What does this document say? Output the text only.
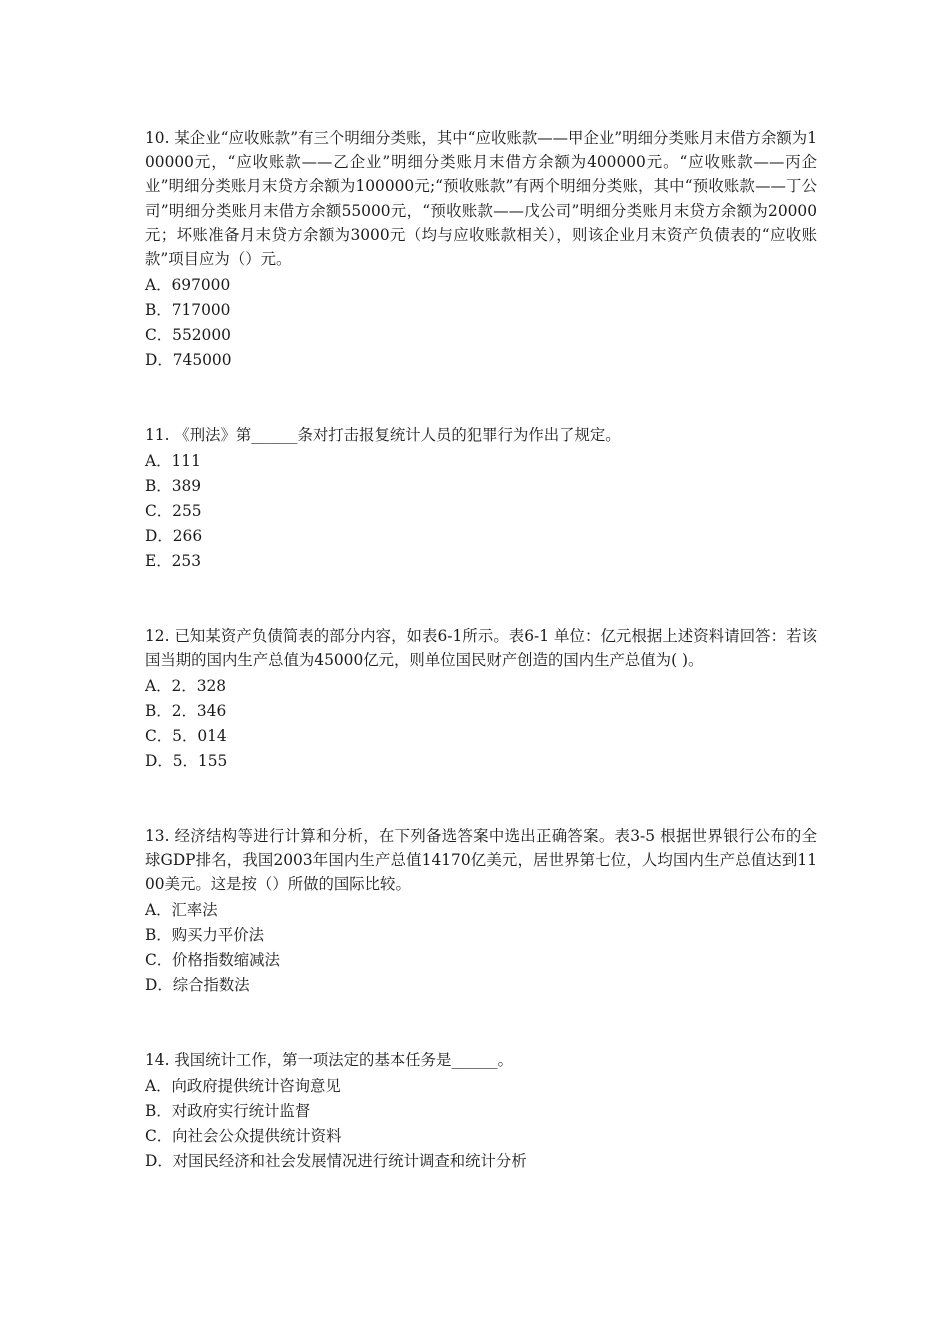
10. 某企业“应收账款”有三个明细分类账，其中“应收账款——甲企业”明细分类账月末借方余额为100000元，“应收账款——乙企业”明细分类账月末借方余额为400000元。“应收账款——丙企业”明细分类账月末贷方余额为100000元;“预收账款”有两个明细分类账，其中“预收账款——丁公司”明细分类账月末借方余额55000元，“预收账款——戊公司”明细分类账月末贷方余额为20000元；坏账准备月末贷方余额为3000元（均与应收账款相关），则该企业月末资产负债表的“应收账款”项目应为（）元。

A．697000
B．717000
C．552000
D．745000

11. 《刑法》第______条对打击报复统计人员的犯罪行为作出了规定。

A．111
B．389
C．255
D．266
E．253

12. 已知某资产负债简表的部分内容，如表6-1所示。表6-1 单位：亿元根据上述资料请回答：若该国当期的国内生产总值为45000亿元，则单位国民财产创造的国内生产总值为( )。

A．2．328
B．2．346
C．5．014
D．5．155

13. 经济结构等进行计算和分析，在下列备选答案中选出正确答案。表3-5 根据世界银行公布的全球GDP排名，我国2003年国内生产总值14170亿美元，居世界第七位，人均国内生产总值达到1100美元。这是按（）所做的国际比较。

A．汇率法
B．购买力平价法
C．价格指数缩减法
D．综合指数法

14. 我国统计工作，第一项法定的基本任务是______。

A．向政府提供统计咨询意见
B．对政府实行统计监督
C．向社会公众提供统计资料
D．对国民经济和社会发展情况进行统计调查和统计分析
